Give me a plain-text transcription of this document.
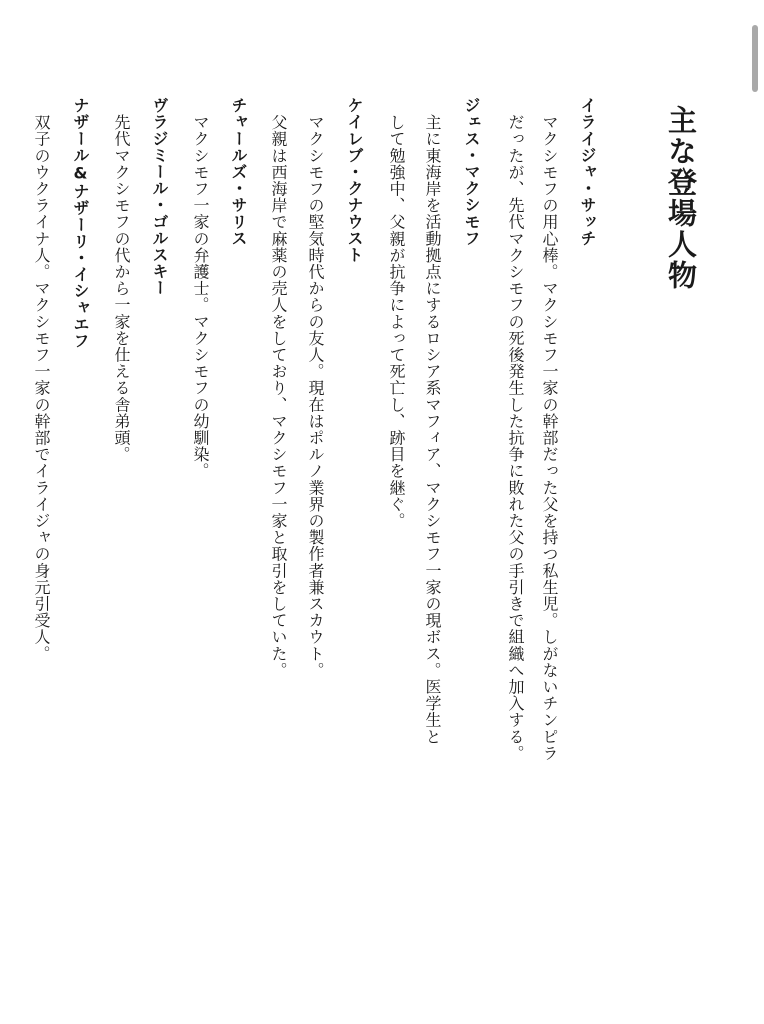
主な登場人物
イライジャ・サッチ
マクシモフの用心棒。マクシモフ一家の幹部だった父を持つ私生児。しがないチンピラ
だったが、先代マクシモフの死後発生した抗争に敗れた父の手引きで組織へ加入する。
ジェス・マクシモフ
主に東海岸を活動拠点にするロシア系マフィア、マクシモフ一家の現ボス。医学生と
して勉強中、父親が抗争によって死亡し、跡目を継ぐ。
ケイレブ・クナウスト
マクシモフの堅気時代からの友人。現在はポルノ業界の製作者兼スカウト。
父親は西海岸で麻薬の売人をしており、マクシモフ一家と取引をしていた。
チャールズ・サリス
マクシモフ一家の弁護士。マクシモフの幼馴染。
ヴラジミール・ゴルスキー
先代マクシモフの代から一家を仕える舎弟頭。
ナザール&ナザーリ・イシャエフ
双子のウクライナ人。マクシモフ一家の幹部でイライジャの身元引受人。
